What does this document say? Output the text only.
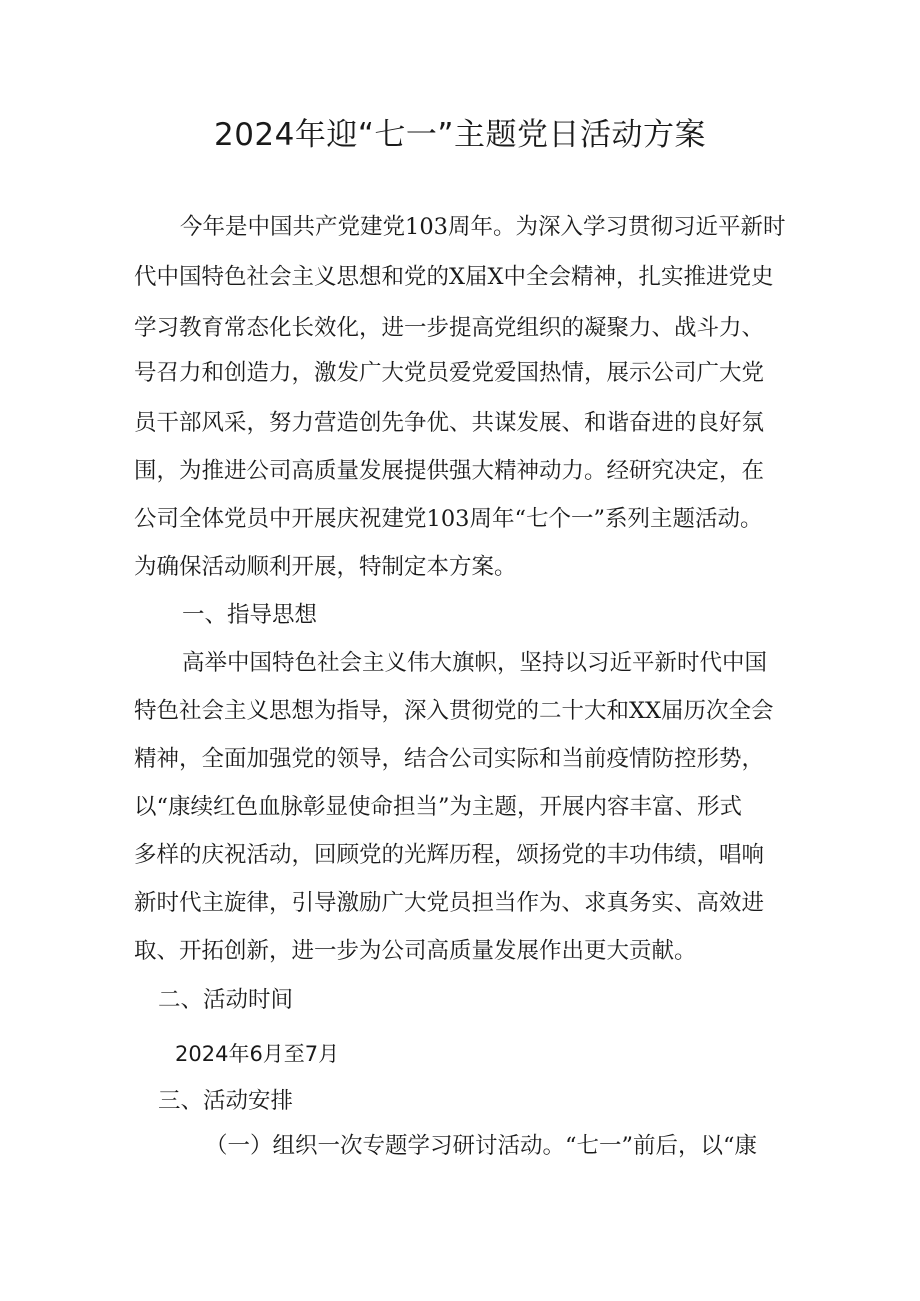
2024年迎“七一”主题党日活动方案
今年是中国共产党建党103周年。为深入学习贯彻习近平新时
代中国特色社会主义思想和党的X届X中全会精神，扎实推进党史
学习教育常态化长效化，进一步提高党组织的凝聚力、战斗力、
号召力和创造力，激发广大党员爱党爱国热情，展示公司广大党
员干部风采，努力营造创先争优、共谋发展、和谐奋进的良好氛
围，为推进公司高质量发展提供强大精神动力。经研究决定，在
公司全体党员中开展庆祝建党103周年“七个一”系列主题活动。
为确保活动顺利开展，特制定本方案。
一、指导思想
高举中国特色社会主义伟大旗帜，坚持以习近平新时代中国
特色社会主义思想为指导，深入贯彻党的二十大和XX届历次全会
精神，全面加强党的领导，结合公司实际和当前疫情防控形势，
以“康续红色血脉彰显使命担当”为主题，开展内容丰富、形式
多样的庆祝活动，回顾党的光辉历程，颂扬党的丰功伟绩，唱响
新时代主旋律，引导激励广大党员担当作为、求真务实、高效进
取、开拓创新，进一步为公司高质量发展作出更大贡献。
二、活动时间
2024年6月至7月
三、活动安排
（一）组织一次专题学习研讨活动。“七一”前后，以“康
